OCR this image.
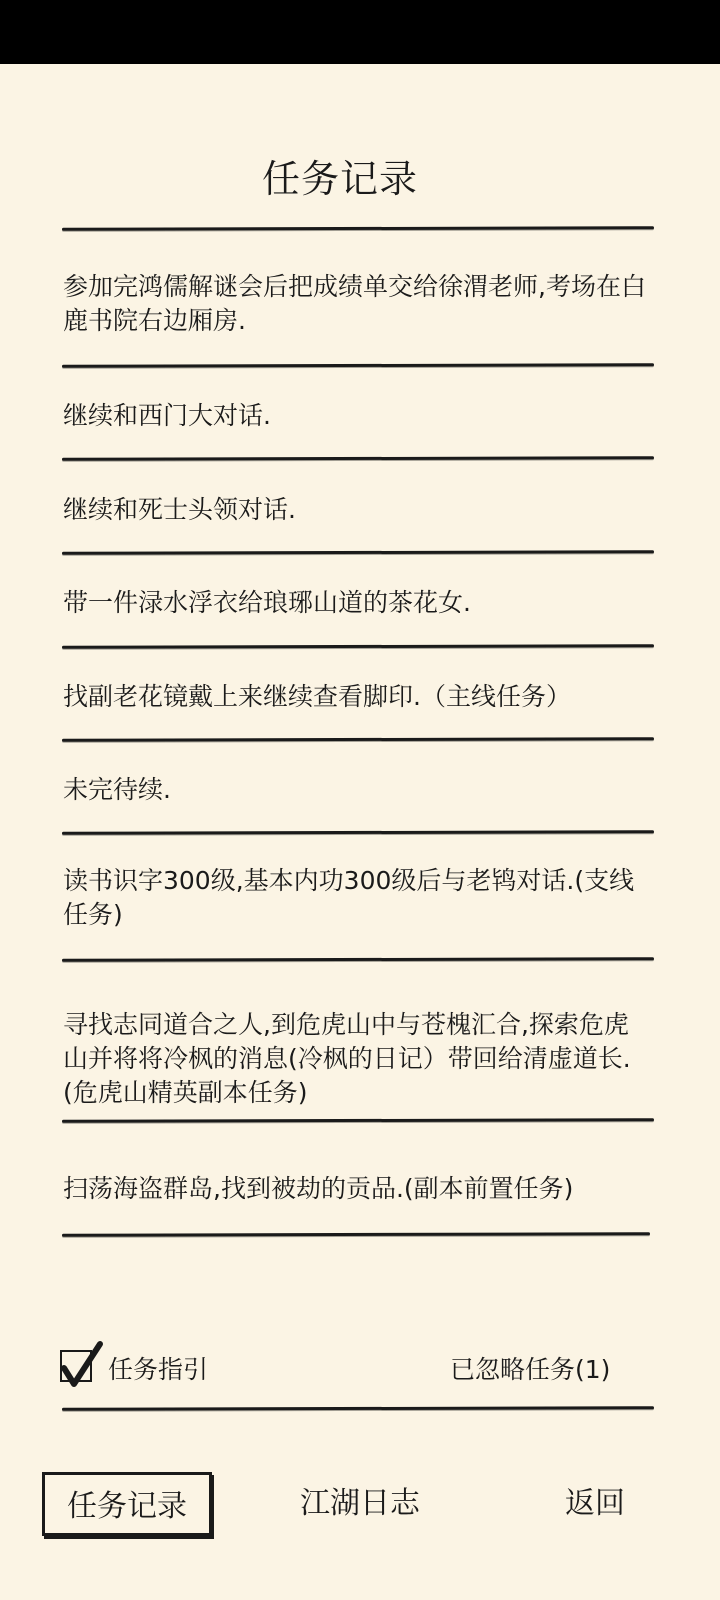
任务记录
参加完鸿儒解谜会后把成绩单交给徐渭老师,考场在白鹿书院右边厢房.
继续和西门大对话.
继续和死士头领对话.
带一件渌水浮衣给琅琊山道的茶花女.
找副老花镜戴上来继续查看脚印.（主线任务）
未完待续.
读书识字300级,基本内功300级后与老鸨对话.(支线任务)
寻找志同道合之人,到危虎山中与苍槐汇合,探索危虎山并将将冷枫的消息(冷枫的日记）带回给清虚道长.(危虎山精英副本任务)
扫荡海盗群岛,找到被劫的贡品.(副本前置任务)
任务指引	已忽略任务(1)
任务记录	江湖日志	返回
